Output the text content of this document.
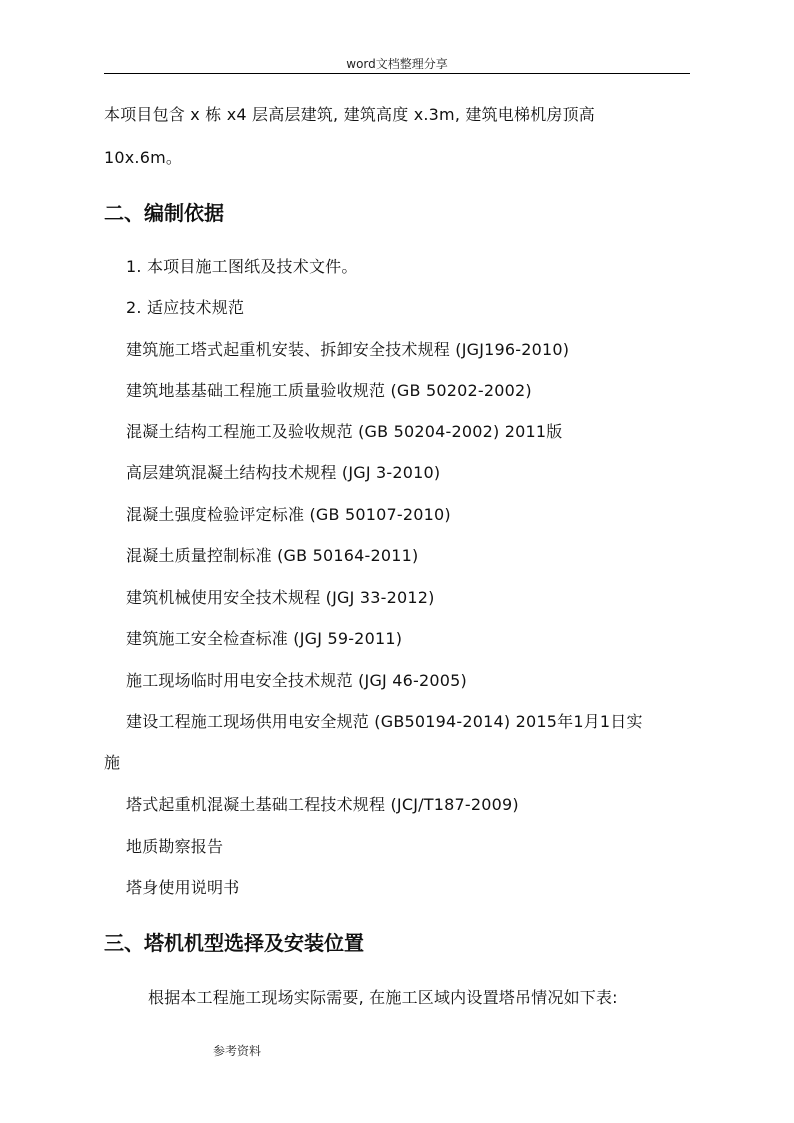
word文档整理分享
本项目包含 x 栋 x4 层高层建筑, 建筑高度 x.3m, 建筑电梯机房顶高
10x.6m。
二、编制依据
1. 本项目施工图纸及技术文件。
2. 适应技术规范
建筑施工塔式起重机安装、拆卸安全技术规程 (JGJ196-2010)
建筑地基基础工程施工质量验收规范 (GB 50202-2002)
混凝土结构工程施工及验收规范 (GB 50204-2002) 2011版
高层建筑混凝土结构技术规程 (JGJ 3-2010)
混凝土强度检验评定标准 (GB 50107-2010)
混凝土质量控制标准 (GB 50164-2011)
建筑机械使用安全技术规程 (JGJ 33-2012)
建筑施工安全检查标准 (JGJ 59-2011)
施工现场临时用电安全技术规范 (JGJ 46-2005)
建设工程施工现场供用电安全规范 (GB50194-2014) 2015年1月1日实
施
塔式起重机混凝土基础工程技术规程 (JCJ/T187-2009)
地质勘察报告
塔身使用说明书
三、塔机机型选择及安装位置
根据本工程施工现场实际需要, 在施工区域内设置塔吊情况如下表:
参考资料
